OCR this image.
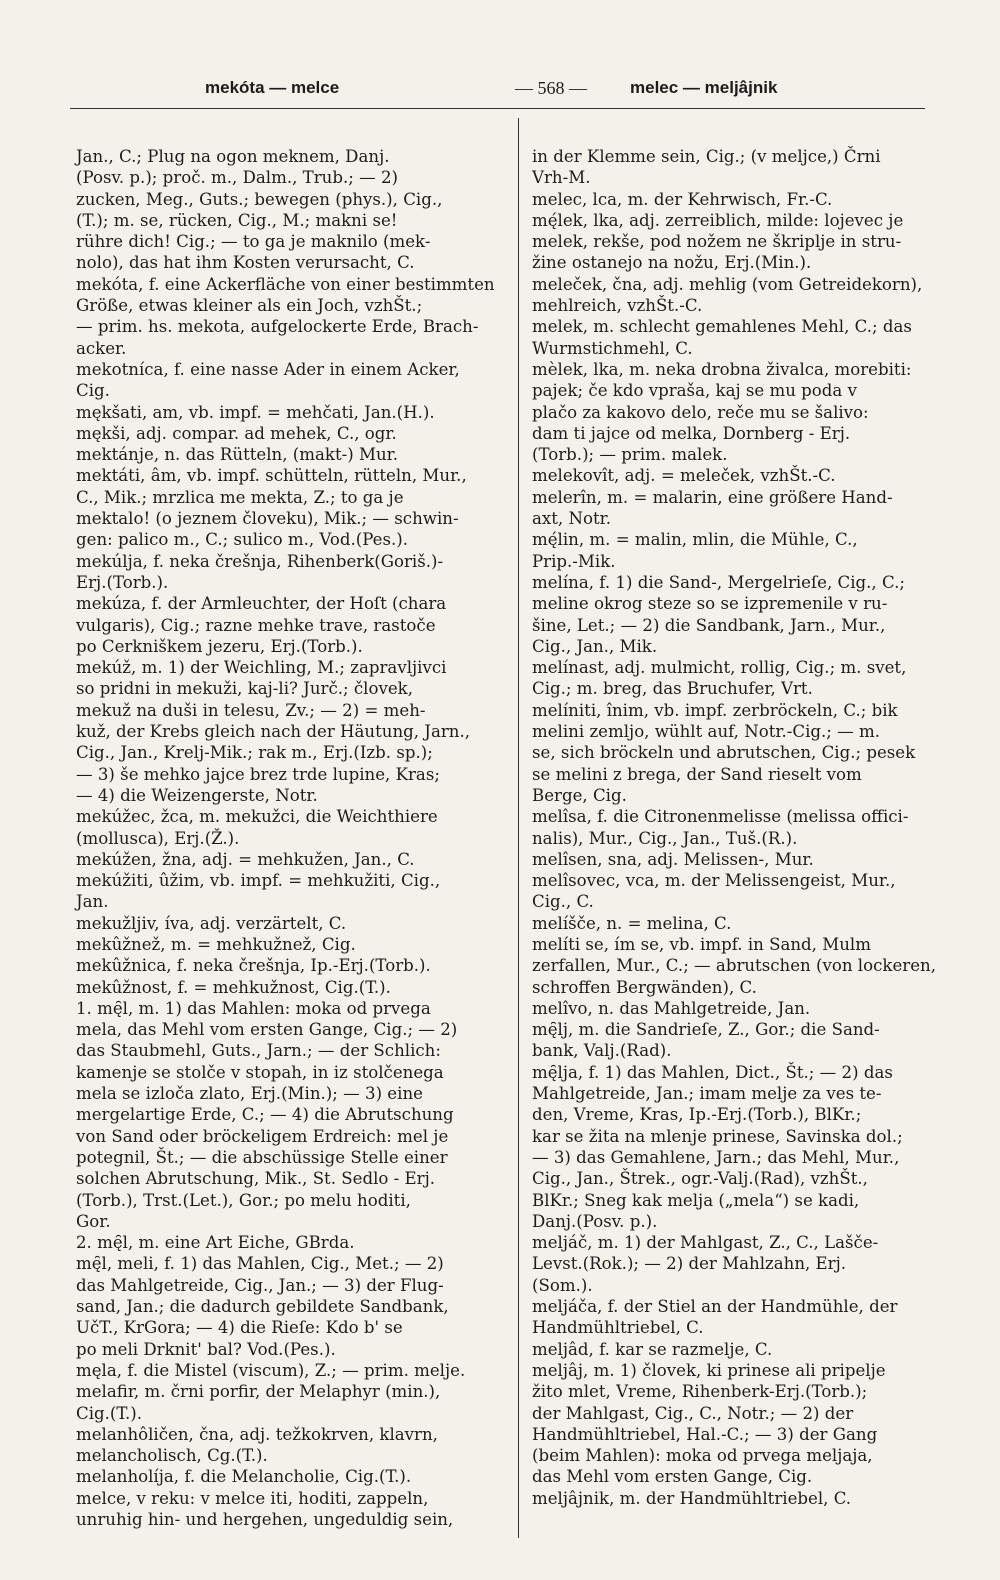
mekóta — melce	— 568 —	melec — meljâjnik
Jan., C.; Plug na ogon meknem, Danj.
(Posv. p.); proč. m., Dalm., Trub.; — 2)
zucken, Meg., Guts.; bewegen (phys.), Cig.,
(T.); m. se, rücken, Cig., M.; makni se!
rühre dich! Cig.; — to ga je maknilo (mek-
nolo), das hat ihm Kosten verursacht, C.
mekóta, f. eine Ackerfläche von einer bestimmten
Größe, etwas kleiner als ein Joch, vzhŠt.;
— prim. hs. mekota, aufgelockerte Erde, Brach-
acker.
mekotníca, f. eine nasse Ader in einem Acker,
Cig.
mękšati, am, vb. impf. = mehčati, Jan.(H.).
mękši, adj. compar. ad mehek, C., ogr.
mektánje, n. das Rütteln, (makt-) Mur.
mektáti, âm, vb. impf. schütteln, rütteln, Mur.,
C., Mik.; mrzlica me mekta, Z.; to ga je
mektalo! (o jeznem človeku), Mik.; — schwin-
gen: palico m., C.; sulico m., Vod.(Pes.).
mekúlja, f. neka črešnja, Rihenberk(Goriš.)-
Erj.(Torb.).
mekúza, f. der Armleuchter, der Hoſt (chara
vulgaris), Cig.; razne mehke trave, rastoče
po Cerkniškem jezeru, Erj.(Torb.).
mekúž, m. 1) der Weichling, M.; zapravljivci
so pridni in mekuži, kaj-li? Jurč.; človek,
mekuž na duši in telesu, Zv.; — 2) = meh-
kuž, der Krebs gleich nach der Häutung, Jarn.,
Cig., Jan., Krelj-Mik.; rak m., Erj.(Izb. sp.);
— 3) še mehko jajce brez trde lupine, Kras;
— 4) die Weizengerste, Notr.
mekúžec, žca, m. mekužci, die Weichthiere
(mollusca), Erj.(Ž.).
mekúžen, žna, adj. = mehkužen, Jan., C.
mekúžiti, ûžim, vb. impf. = mehkužiti, Cig.,
Jan.
mekužljiv, íva, adj. verzärtelt, C.
mekûžnež, m. = mehkužnež, Cig.
mekûžnica, f. neka črešnja, Ip.-Erj.(Torb.).
mekûžnost, f. = mehkužnost, Cig.(T.).
1. mę̑l, m. 1) das Mahlen: moka od prvega
mela, das Mehl vom ersten Gange, Cig.; — 2)
das Staubmehl, Guts., Jarn.; — der Schlich:
kamenje se stolče v stopah, in iz stolčenega
mela se izloča zlato, Erj.(Min.); — 3) eine
mergelartige Erde, C.; — 4) die Abrutschung
von Sand oder bröckeligem Erdreich: mel je
potegnil, Št.; — die abschüssige Stelle einer
solchen Abrutschung, Mik., St. Sedlo - Erj.
(Torb.), Trst.(Let.), Gor.; po melu hoditi,
Gor.
2. mę̑l, m. eine Art Eiche, GBrda.
mę̑l, meli, f. 1) das Mahlen, Cig., Met.; — 2)
das Mahlgetreide, Cig., Jan.; — 3) der Flug-
sand, Jan.; die dadurch gebildete Sandbank,
UčT., KrGora; — 4) die Rieſe: Kdo b' se
po meli Drknit' bal? Vod.(Pes.).
męla, f. die Mistel (viscum), Z.; — prim. melje.
melafir, m. črni porfir, der Melaphyr (min.),
Cig.(T.).
melanhôličen, čna, adj. težkokrven, klavrn,
melancholisch, Cg.(T.).
melanholíja, f. die Melancholie, Cig.(T.).
melce, v reku: v melce iti, hoditi, zappeln,
unruhig hin- und hergehen, ungeduldig sein,
in der Klemme sein, Cig.; (v meljce,) Črni
Vrh-M.
melec, lca, m. der Kehrwisch, Fr.-C.
mę́lek, lka, adj. zerreiblich, milde: lojevec je
melek, rekše, pod nožem ne škriplje in stru-
žine ostanejo na nožu, Erj.(Min.).
meleček, čna, adj. mehlig (vom Getreidekorn),
mehlreich, vzhŠt.-C.
melek, m. schlecht gemahlenes Mehl, C.; das
Wurmstichmehl, C.
mèlek, lka, m. neka drobna živalca, morebiti:
pajek; če kdo vpraša, kaj se mu poda v
plačo za kakovo delo, reče mu se šalivo:
dam ti jajce od melka, Dornberg - Erj.
(Torb.); — prim. malek.
melekovît, adj. = meleček, vzhŠt.-C.
melerîn, m. = malarin, eine größere Hand-
axt, Notr.
mę́lin, m. = malin, mlin, die Mühle, C.,
Prip.-Mik.
melína, f. 1) die Sand-, Mergelrieſe, Cig., C.;
meline okrog steze so se izpremenile v ru-
šine, Let.; — 2) die Sandbank, Jarn., Mur.,
Cig., Jan., Mik.
melínast, adj. mulmicht, rollig, Cig.; m. svet,
Cig.; m. breg, das Bruchufer, Vrt.
melíniti, înim, vb. impf. zerbröckeln, C.; bik
melini zemljo, wühlt auf, Notr.-Cig.; — m.
se, sich bröckeln und abrutschen, Cig.; pesek
se melini z brega, der Sand rieselt vom
Berge, Cig.
melîsa, f. die Citronenmelisse (melissa offici-
nalis), Mur., Cig., Jan., Tuš.(R.).
melîsen, sna, adj. Melissen-, Mur.
melîsovec, vca, m. der Melissengeist, Mur.,
Cig., C.
melíšče, n. = melina, C.
melíti se, ím se, vb. impf. in Sand, Mulm
zerfallen, Mur., C.; — abrutschen (von lockeren,
schroffen Bergwänden), C.
melîvo, n. das Mahlgetreide, Jan.
mę̑lj, m. die Sandrieſe, Z., Gor.; die Sand-
bank, Valj.(Rad).
mę̑lja, f. 1) das Mahlen, Dict., Št.; — 2) das
Mahlgetreide, Jan.; imam melje za ves te-
den, Vreme, Kras, Ip.-Erj.(Torb.), BlKr.;
kar se žita na mlenje prinese, Savinska dol.;
— 3) das Gemahlene, Jarn.; das Mehl, Mur.,
Cig., Jan., Štrek., ogr.-Valj.(Rad), vzhŠt.,
BlKr.; Sneg kak melja („mela“) se kadi,
Danj.(Posv. p.).
melјáč, m. 1) der Mahlgast, Z., C., Lašče-
Levst.(Rok.); — 2) der Mahlzahn, Erj.
(Som.).
meljáča, f. der Stiel an der Handmühle, der
Handmühltriebel, C.
meljâd, f. kar se razmelje, C.
meljâj, m. 1) človek, ki prinese ali pripelje
žito mlet, Vreme, Rihenberk-Erj.(Torb.);
der Mahlgast, Cig., C., Notr.; — 2) der
Handmühltriebel, Hal.-C.; — 3) der Gang
(beim Mahlen): moka od prvega meljaja,
das Mehl vom ersten Gange, Cig.
meljâjnik, m. der Handmühltriebel, C.
